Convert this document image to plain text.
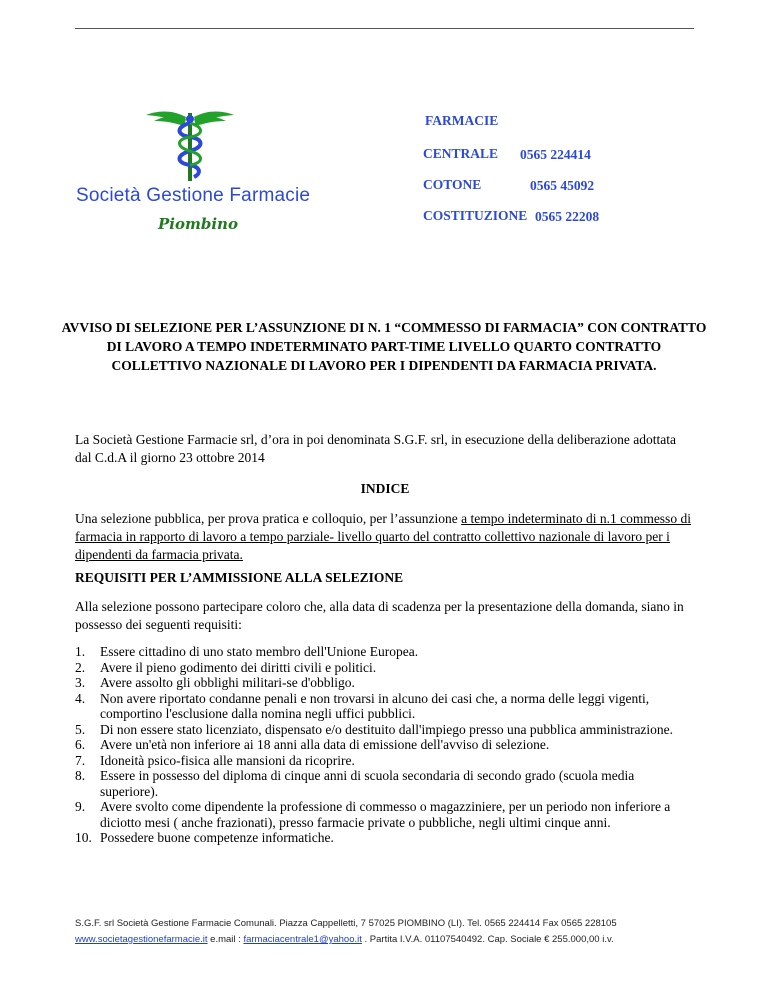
Società Gestione Farmacie
Piombino
FARMACIE
CENTRALE 0565 224414
COTONE	0565 45092
COSTITUZIONE 0565 22208
AVVISO DI SELEZIONE PER L’ASSUNZIONE DI N. 1 “COMMESSO DI FARMACIA” CON CONTRATTO DI LAVORO A TEMPO INDETERMINATO PART-TIME LIVELLO QUARTO CONTRATTO COLLETTIVO NAZIONALE DI LAVORO PER I DIPENDENTI DA FARMACIA PRIVATA.
La Società Gestione Farmacie srl, d’ora in poi denominata S.G.F. srl, in esecuzione della deliberazione adottata dal C.d.A il giorno 23 ottobre 2014
INDICE
Una selezione pubblica, per prova pratica e colloquio, per l’assunzione a tempo indeterminato di n.1 commesso di farmacia in rapporto di lavoro a tempo parziale- livello quarto del contratto collettivo nazionale di lavoro per i dipendenti da farmacia privata.
REQUISITI PER L’AMMISSIONE ALLA SELEZIONE
Alla selezione possono partecipare coloro che, alla data di scadenza per la presentazione della domanda, siano in possesso dei seguenti requisiti:
1. Essere cittadino di uno stato membro dell'Unione Europea.
2. Avere il pieno godimento dei diritti civili e politici.
3. Avere assolto gli obblighi militari-se d'obbligo.
4. Non avere riportato condanne penali e non trovarsi in alcuno dei casi che, a norma delle leggi vigenti, comportino l'esclusione dalla nomina negli uffici pubblici.
5. Di non essere stato licenziato, dispensato e/o destituito dall'impiego presso una pubblica amministrazione.
6. Avere un'età non inferiore ai 18 anni alla data di emissione dell'avviso di selezione.
7. Idoneità psico-fisica alle mansioni da ricoprire.
8. Essere in possesso del diploma di cinque anni di scuola secondaria di secondo grado (scuola media superiore).
9. Avere svolto come dipendente la professione di commesso o magazziniere, per un periodo non inferiore a diciotto mesi ( anche frazionati), presso farmacie private o pubbliche, negli ultimi cinque anni.
10. Possedere buone competenze informatiche.
S.G.F. srl Società Gestione Farmacie Comunali. Piazza Cappelletti, 7 57025 PIOMBINO (LI). Tel. 0565 224414 Fax 0565 228105
www.societagestionefarmacie.it e.mail : farmaciacentrale1@yahoo.it . Partita I.V.A. 01107540492. Cap. Sociale € 255.000,00 i.v.
